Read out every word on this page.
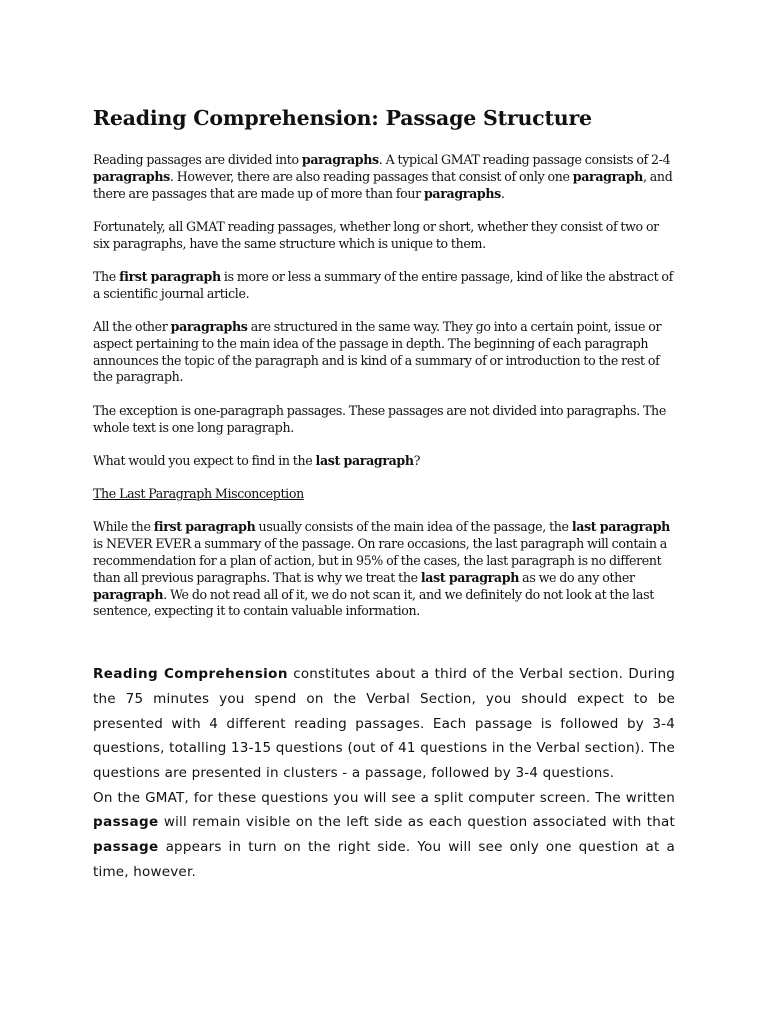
Reading Comprehension: Passage Structure

Reading passages are divided into paragraphs. A typical GMAT reading passage consists of 2-4 paragraphs. However, there are also reading passages that consist of only one paragraph, and there are passages that are made up of more than four paragraphs.

Fortunately, all GMAT reading passages, whether long or short, whether they consist of two or six paragraphs, have the same structure which is unique to them.

The first paragraph is more or less a summary of the entire passage, kind of like the abstract of a scientific journal article.

All the other paragraphs are structured in the same way. They go into a certain point, issue or aspect pertaining to the main idea of the passage in depth. The beginning of each paragraph announces the topic of the paragraph and is kind of a summary of or introduction to the rest of the paragraph.

The exception is one-paragraph passages. These passages are not divided into paragraphs. The whole text is one long paragraph.

What would you expect to find in the last paragraph?

The Last Paragraph Misconception

While the first paragraph usually consists of the main idea of the passage, the last paragraph is NEVER EVER a summary of the passage. On rare occasions, the last paragraph will contain a recommendation for a plan of action, but in 95% of the cases, the last paragraph is no different than all previous paragraphs. That is why we treat the last paragraph as we do any other paragraph. We do not read all of it, we do not scan it, and we definitely do not look at the last sentence, expecting it to contain valuable information.

Reading Comprehension constitutes about a third of the Verbal section. During the 75 minutes you spend on the Verbal Section, you should expect to be presented with 4 different reading passages. Each passage is followed by 3-4 questions, totalling 13-15 questions (out of 41 questions in the Verbal section). The questions are presented in clusters - a passage, followed by 3-4 questions.

On the GMAT, for these questions you will see a split computer screen. The written passage will remain visible on the left side as each question associated with that passage appears in turn on the right side. You will see only one question at a time, however.
